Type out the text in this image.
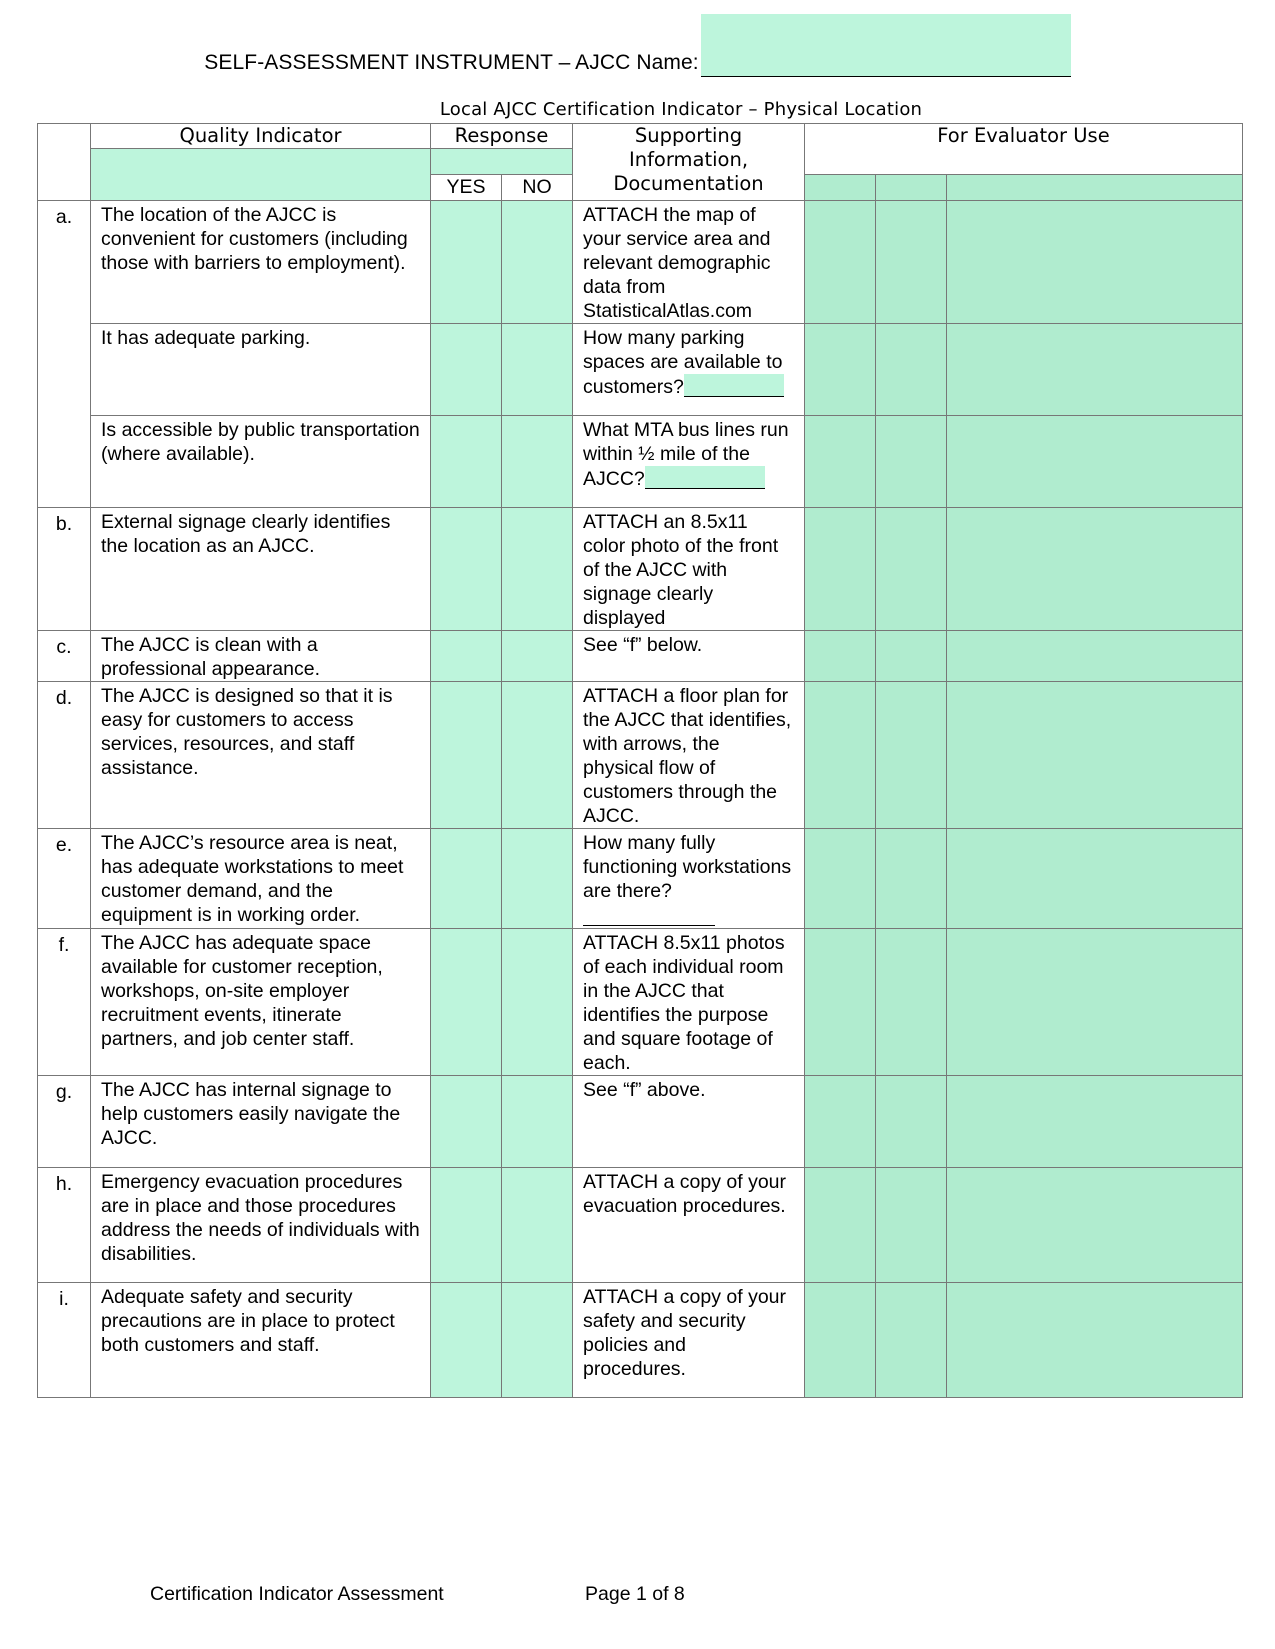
SELF-ASSESSMENT INSTRUMENT – AJCC Name:
Local AJCC Certification Indicator – Physical Location
	Quality Indicator	Response		Supporting Information, Documentation	For Evaluator Use		

		YES	NO				
a.	The location of the AJCC is convenient for customers (including those with barriers to employment).			ATTACH the map of your service area and relevant demographic data from StatisticalAtlas.com			
	It has adequate parking.			How many parking spaces are available to customers?			
	Is accessible by public transportation (where available).			What MTA bus lines run within ½ mile of the AJCC?			
b.	External signage clearly identifies the location as an AJCC.			ATTACH an 8.5x11 color photo of the front of the AJCC with signage clearly displayed			
c.	The AJCC is clean with a professional appearance.			See “f” below.			
d.	The AJCC is designed so that it is easy for customers to access services, resources, and staff assistance.			ATTACH a floor plan for the AJCC that identifies, with arrows, the physical flow of customers through the AJCC.			
e.	The AJCC’s resource area is neat, has adequate workstations to meet customer demand, and the equipment is in working order.			How many fully functioning workstations are there?			
f.	The AJCC has adequate space available for customer reception, workshops, on-site employer recruitment events, itinerate partners, and job center staff.			ATTACH 8.5x11 photos of each individual room in the AJCC that identifies the purpose and square footage of each.			
g.	The AJCC has internal signage to help customers easily navigate the AJCC.			See “f” above.			
h.	Emergency evacuation procedures are in place and those procedures address the needs of individuals with disabilities.			ATTACH a copy of your evacuation procedures.			
i.	Adequate safety and security precautions are in place to protect both customers and staff.			ATTACH a copy of your safety and security policies and procedures.			
Certification Indicator Assessment	Page 1 of 8
